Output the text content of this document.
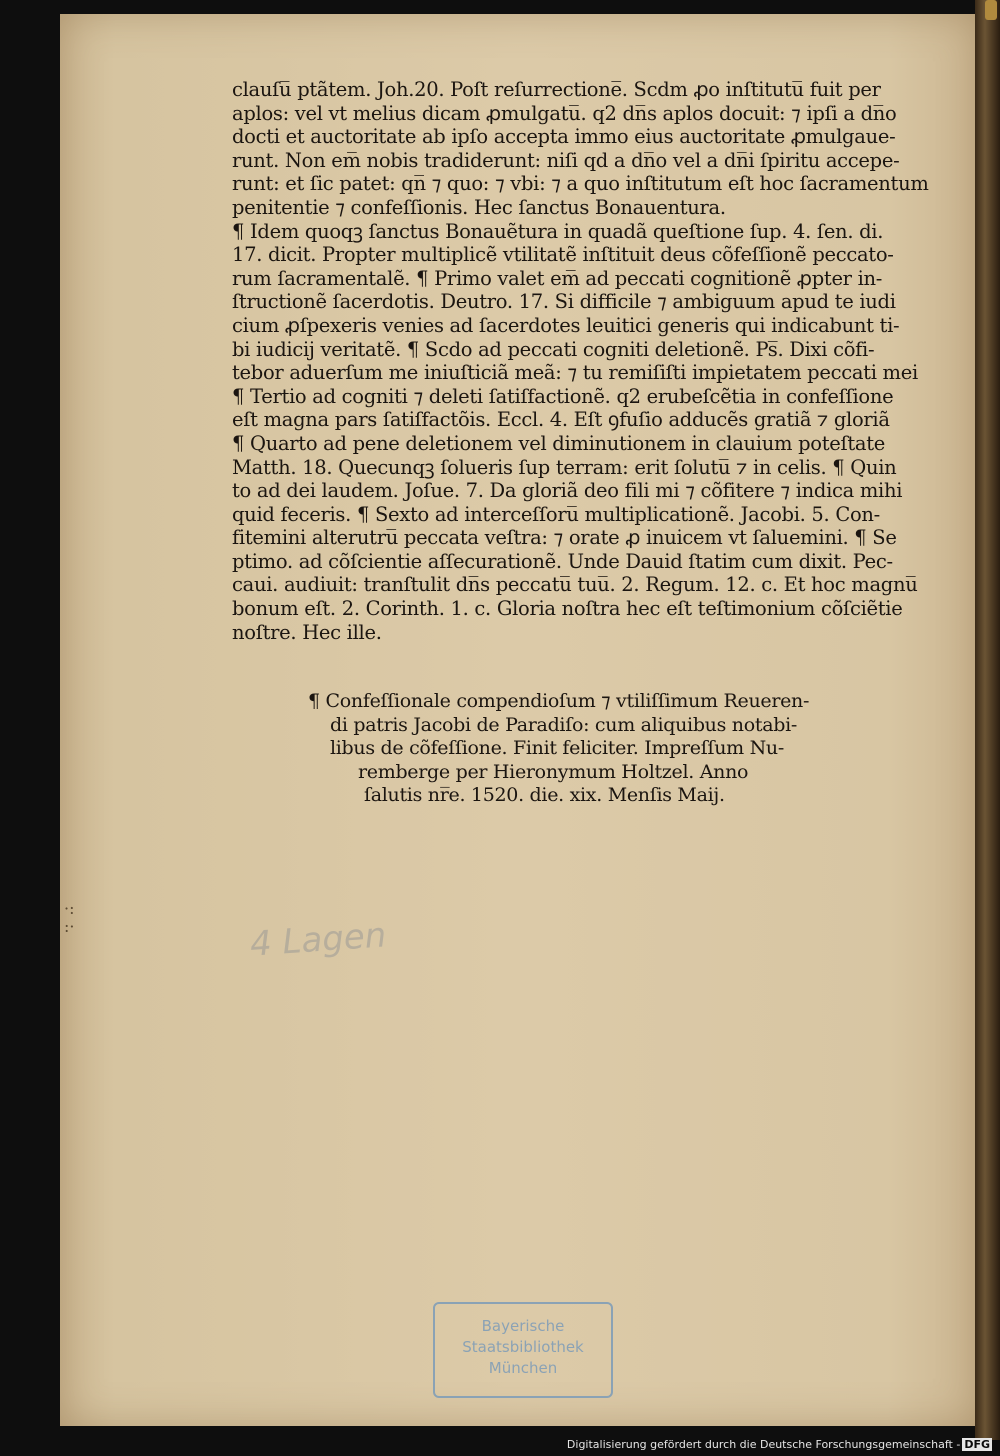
·:
:·
clauſu̅ ptãtem. Joh.20. Poſt reſurrectione̅. Scd̅m ꝓo inſtitutu̅ fuit per
apl̅os: vel vt melius dicam ꝓmulgatu̅. q2 dn̅s apl̅os docuit: ⁊ ipſi a dn̅o
docti et auctoritate ab ipſo accepta immo eius auctoritate ꝓmulgaue-
runt. Non em̅ nobis tradiderunt: niſi qd̅ a dn̅o vel a dn̅i ſpiritu accepe-
runt: et ſic patet: qn̅ ⁊ quo: ⁊ vbi: ⁊ a quo inſtitutum eſt hoc ſacramentum
penitentie ⁊ confeſſionis. Hec ſanctus Bonauentura.
¶ Idem quoqꝫ ſanctus Bonauẽtura in quadã queſtione ſup. 4. ſen. di.
17. dicit. Propter multiplicẽ vtilitatẽ inſtituit deus cõfeſſionẽ peccato-
rum ſacramentalẽ. ¶ Primo valet em̅ ad peccati cognitionẽ ꝓpter in-
ſtructionẽ ſacerdotis. Deutro. 17. Si difficile ⁊ ambiguum apud te iudi
cium ꝓſpexeris venies ad ſacerdotes leuitici generis qui indicabunt ti-
bi iudicij veritatẽ. ¶ Scd̅o ad peccati cogniti deletionẽ. Ps̅. Dixi cõfi-
tebor aduerſum me iniuſticiã meã: ⁊ tu remiſiſti impietatem peccati mei
¶ Tertio ad cogniti ⁊ deleti ſatiſfactionẽ. q2 erubeſcẽtia in confeſſione
eſt magna pars ſatiſfactõis. Eccl̅. 4. Eſt ꝯfuſio adducẽs gratiã ⁊ gloriã
¶ Quarto ad pene deletionem vel diminutionem in clauium poteſtate
Matth. 18. Quecunqꝫ ſolueris ſup terram: erit ſolutu̅ ⁊ in celis. ¶ Quin
to ad dei laudem. Joſue. 7. Da gloriã deo fili mi ⁊ cõfitere ⁊ indica mihi
quid feceris. ¶ Sexto ad interceſſoru̅ multiplicationẽ. Jacobi. 5. Con-
fitemini alterutru̅ peccata veſtra: ⁊ orate ꝓ inuicem vt ſaluemini. ¶ Se
ptimo. ad cõſcientie aſſecurationẽ. Unde Dauid ſtatim cum dixit. Pec-
caui. audiuit: tranſtulit dn̅s peccatu̅ tuu̅. 2. Regum. 12. c. Et hoc magnu̅
bonum eſt. 2. Corinth. 1. c. Gloria noſtra hec eſt teſtimonium cõſciẽtie
noſtre. Hec ille.
¶ Confeſſionale compendioſum ⁊ vtiliſſimum Reueren-
di patris Jacobi de Paradiſo: cum aliquibus notabi-
libus de cõfeſſione. Finit feliciter. Impreſſum Nu-
remberge per Hieronymum Holtzel. Anno
ſalutis nr̅e. 1520. die. xix. Menſis Maij.
4 Lagen
Bayerische
Staatsbibliothek
München
Digitalisierung gefördert durch die Deutsche Forschungsgemeinschaft - DFG
